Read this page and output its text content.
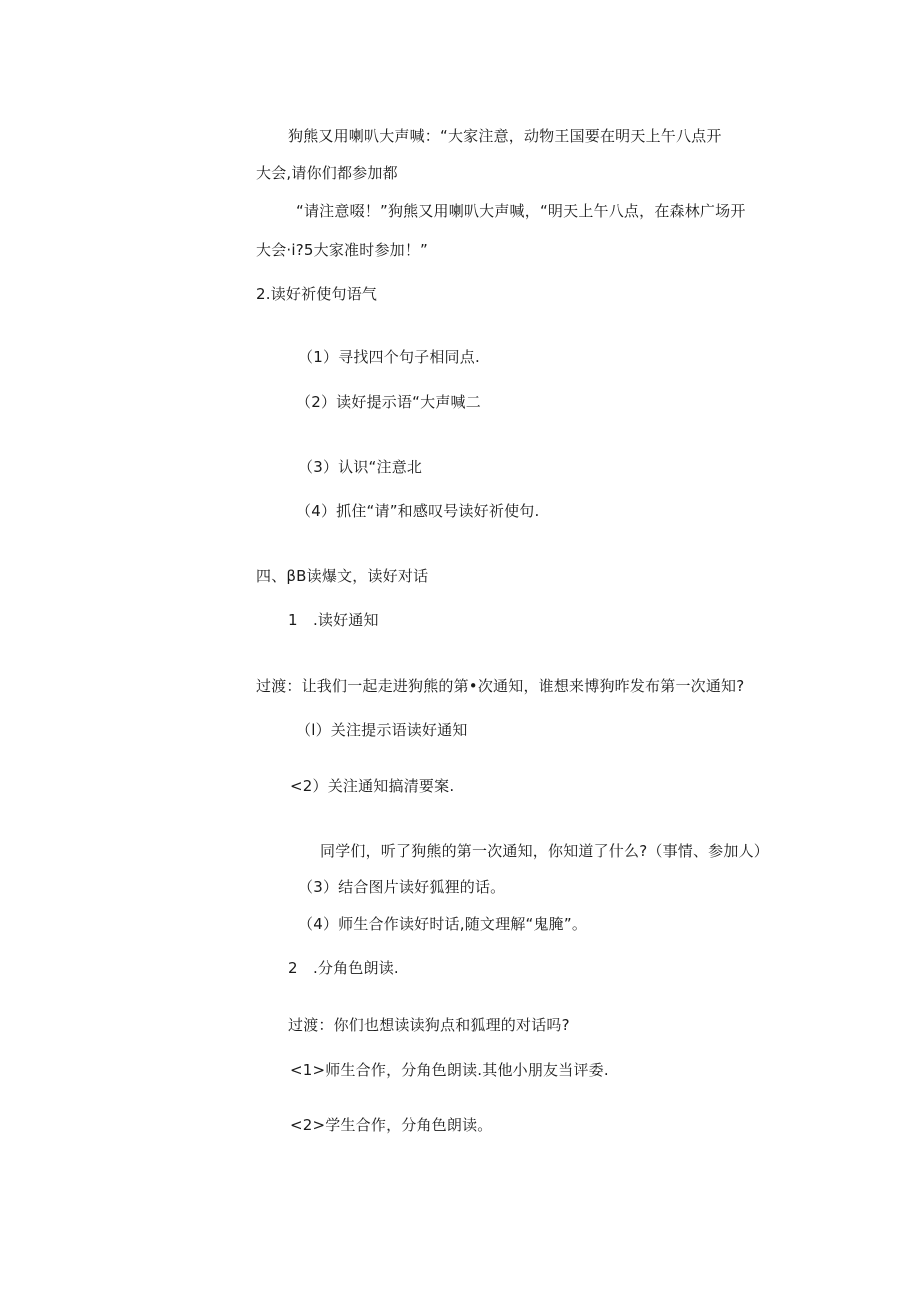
狗熊又用喇叭大声喊：“大家注意，动物王国要在明天上午八点开
大会,请你们都参加都
“请注意啜！”狗熊又用喇叭大声喊，“明天上午八点，在森林广场开
大会·i?5大家准时参加！”
2.读好祈使句语气
（1）寻找四个句子相同点.
（2）读好提示语“大声喊二
（3）认识“注意北
（4）抓住“请”和感叹号读好祈使句.
四、βB读爆文，读好对话
1 .读好通知
过渡：让我们一起走进狗熊的第•次通知，谁想来博狗昨发布第一次通知?
（l）关注提示语读好通知
<2）关注通知搞清要案.
同学们，听了狗熊的第一次通知，你知道了什么?（事情、参加人）
（3）结合图片读好狐狸的话。
（4）师生合作读好时话,随文理解“鬼腌”。
2 .分角色朗读.
过渡：你们也想读读狗点和狐理的对话吗?
<1>师生合作，分角色朗读.其他小朋友当评委.
<2>学生合作，分角色朗读。
